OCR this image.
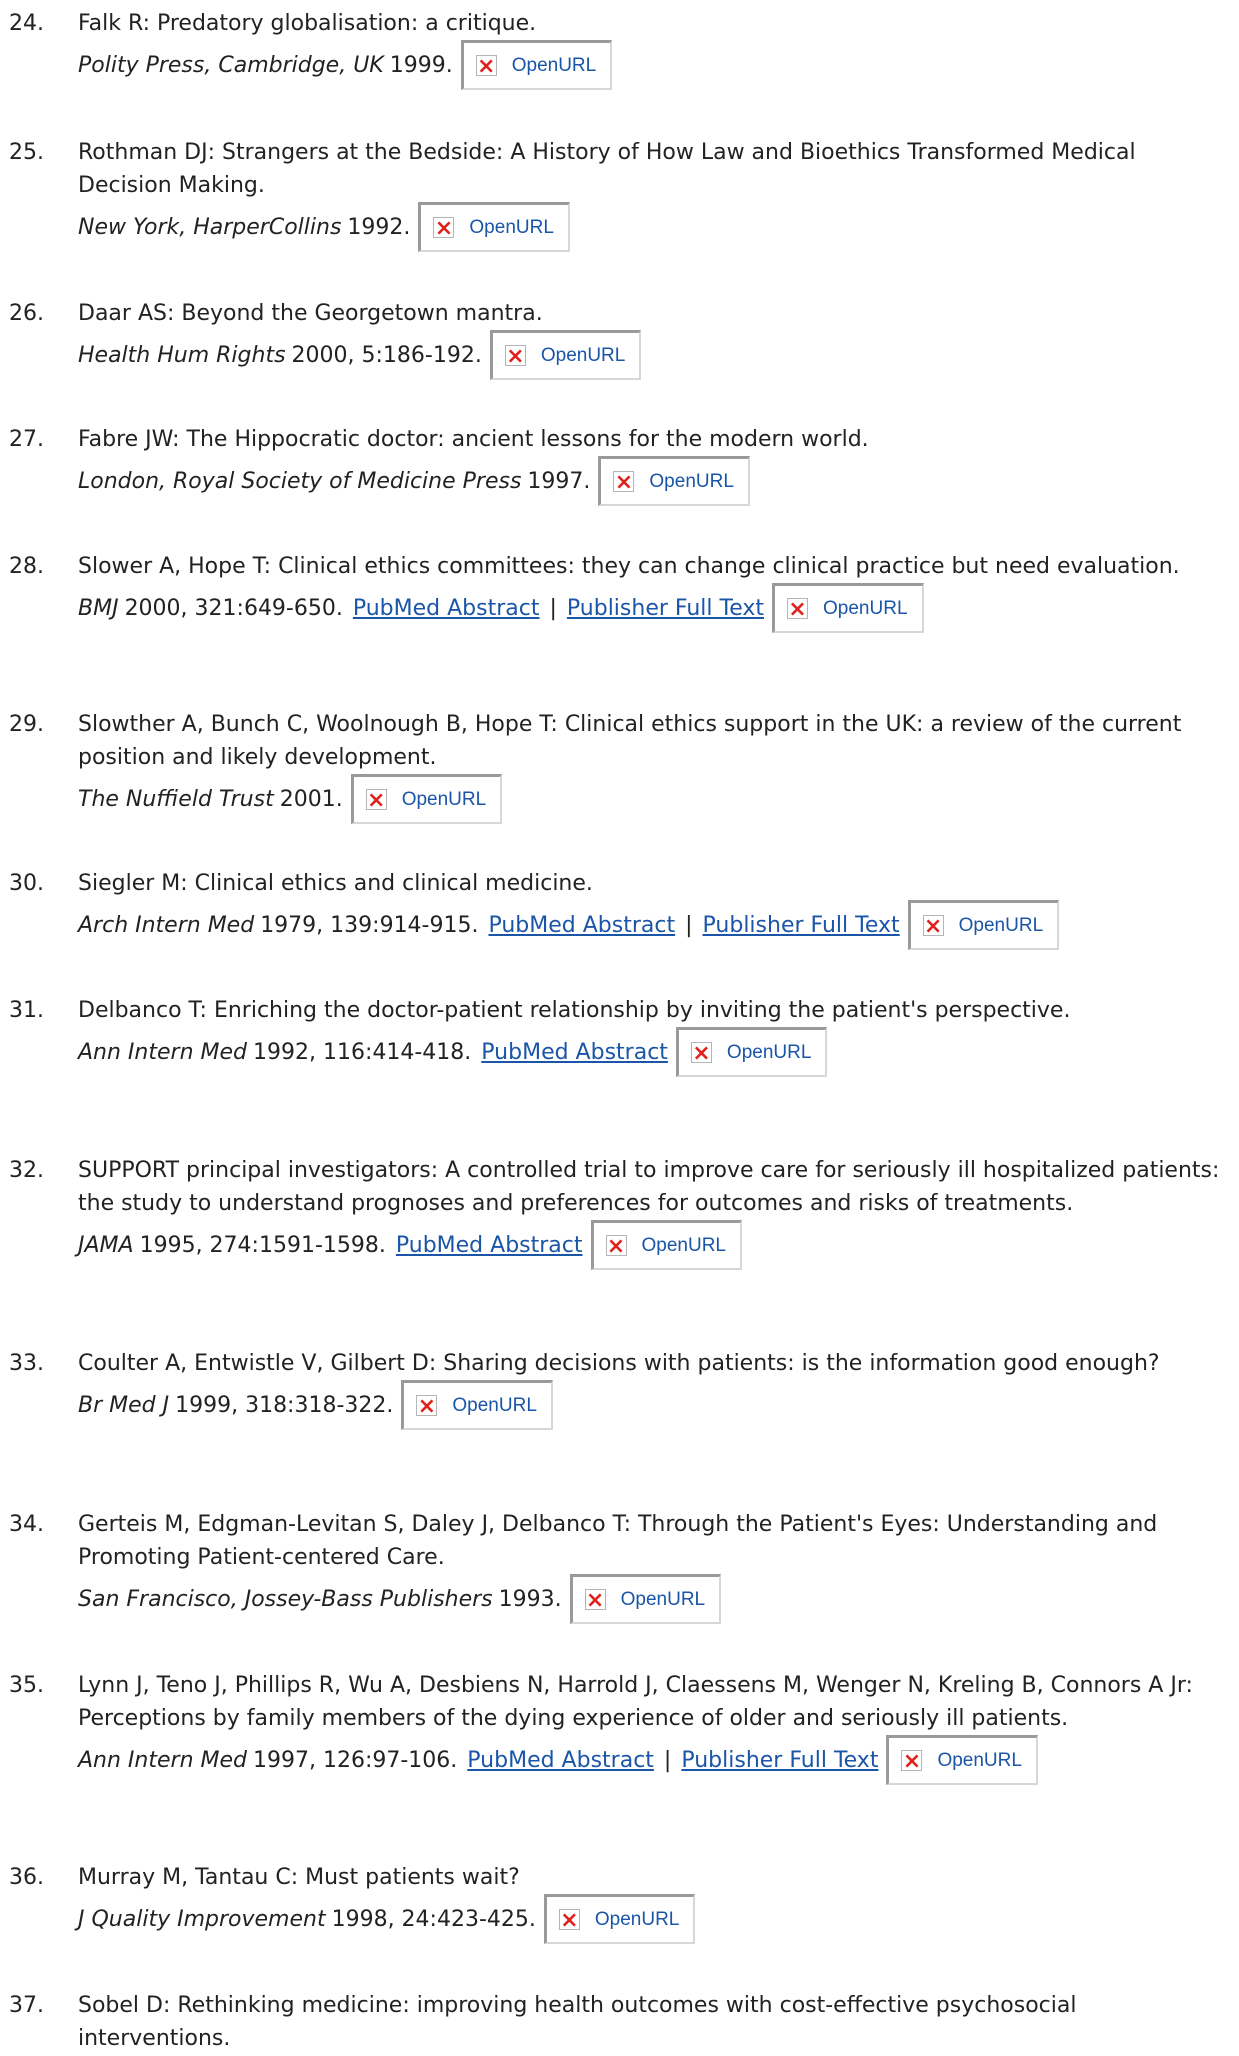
24.	Falk R: Predatory globalisation: a critique.
Polity Press, Cambridge, UK 1999. ×	OpenURL
25.	Rothman DJ: Strangers at the Bedside: A History of How Law and Bioethics Transformed Medical Decision Making.
New York, HarperCollins 1992. ×	OpenURL
26.	Daar AS: Beyond the Georgetown mantra.
Health Hum Rights 2000, 5:186-192. ×	OpenURL
27.	Fabre JW: The Hippocratic doctor: ancient lessons for the modern world.
London, Royal Society of Medicine Press 1997. ×	OpenURL
28.	Slower A, Hope T: Clinical ethics committees: they can change clinical practice but need evaluation.
BMJ 2000, 321:649-650. PubMed Abstract | Publisher Full Text ×	OpenURL
29.	Slowther A, Bunch C, Woolnough B, Hope T: Clinical ethics support in the UK: a review of the current position and likely development.
The Nuffield Trust 2001. ×	OpenURL
30.	Siegler M: Clinical ethics and clinical medicine.
Arch Intern Med 1979, 139:914-915. PubMed Abstract | Publisher Full Text ×	OpenURL
31.	Delbanco T: Enriching the doctor-patient relationship by inviting the patient's perspective.
Ann Intern Med 1992, 116:414-418. PubMed Abstract ×	OpenURL
32.	SUPPORT principal investigators: A controlled trial to improve care for seriously ill hospitalized patients: the study to understand prognoses and preferences for outcomes and risks of treatments.
JAMA 1995, 274:1591-1598. PubMed Abstract ×	OpenURL
33.	Coulter A, Entwistle V, Gilbert D: Sharing decisions with patients: is the information good enough?
Br Med J 1999, 318:318-322. ×	OpenURL
34.	Gerteis M, Edgman-Levitan S, Daley J, Delbanco T: Through the Patient's Eyes: Understanding and Promoting Patient-centered Care.
San Francisco, Jossey-Bass Publishers 1993. ×	OpenURL
35.	Lynn J, Teno J, Phillips R, Wu A, Desbiens N, Harrold J, Claessens M, Wenger N, Kreling B, Connors A Jr: Perceptions by family members of the dying experience of older and seriously ill patients.
Ann Intern Med 1997, 126:97-106. PubMed Abstract | Publisher Full Text ×	OpenURL
36.	Murray M, Tantau C: Must patients wait?
J Quality Improvement 1998, 24:423-425. ×	OpenURL
37.	Sobel D: Rethinking medicine: improving health outcomes with cost-effective psychosocial interventions.
